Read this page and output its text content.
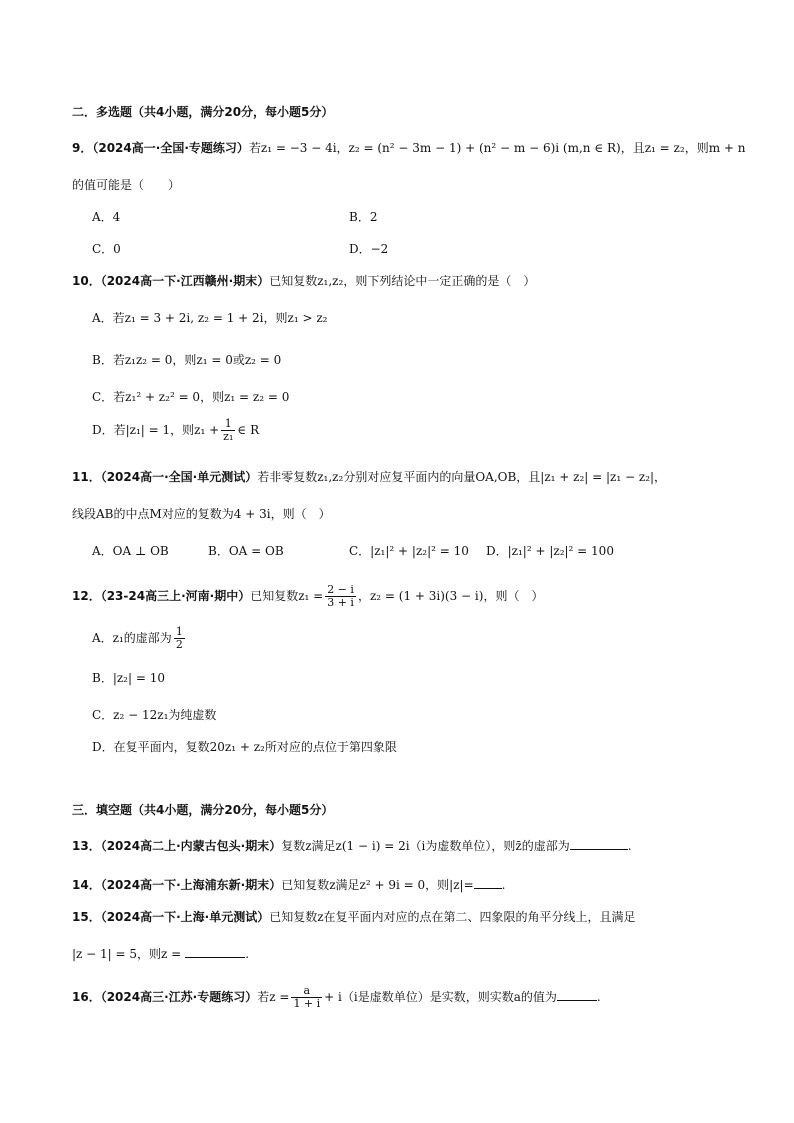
二．多选题（共4小题，满分20分，每小题5分）
9．（2024高一·全国·专题练习）若z₁ = −3 − 4i，z₂ = (n² − 3m − 1) + (n² − m − 6)i (m,n ∈ R)，且z₁ = z₂，则m + n
的值可能是（　　）
A．4	B．2
C．0	D．−2
10．（2024高一下·江西赣州·期末）已知复数z₁,z₂，则下列结论中一定正确的是（　）
A．若z₁ = 3 + 2i, z₂ = 1 + 2i，则z₁ > z₂
B．若z₁z₂ = 0，则z₁ = 0或z₂ = 0
C．若z₁² + z₂² = 0，则z₁ = z₂ = 0
D．若|z₁| = 1，则$z_1 + \frac{1}{\text{z₁}}$ ∈ R
11．（2024高一·全国·单元测试）若非零复数z₁,z₂分别对应复平面内的向量OA,OB，且|z₁ + z₂| = |z₁ − z₂|，
线段AB的中点M对应的复数为4 + 3i，则（　）
A．OA ⊥ OB	B．OA = OB	C．|z₁|² + |z₂|² = 10 D．|z₁|² + |z₂|² = 100
12．（23-24高三上·河南·期中）已知复数$z_1 = \frac{2 - i}{3 + i}$ ，z₂ = (1 + 3i)(3 − i)，则（　）
A．z₁的虚部为 $\frac{1}{2}$
B．|z₂| = 10
C．z₂ − 12z₁为纯虚数
D．在复平面内，复数20z₁ + z₂所对应的点位于第四象限
三．填空题（共4小题，满分20分，每小题5分）
13．（2024高二上·内蒙古包头·期末）复数z满足z(1 − i) = 2i（i为虚数单位），则z̄的虚部为	.
14．（2024高一下·上海浦东新·期末）已知复数z满足z² + 9i = 0，则|z|= .
15．（2024高一下·上海·单元测试）已知复数z在复平面内对应的点在第二、四象限的角平分线上，且满足
|z − 1| = 5，则z =	.
16．（2024高三·江苏·专题练习）若$z = \frac{a}{1 + i} + i(i$是虚数单位）是实数，则实数a的值为	.
